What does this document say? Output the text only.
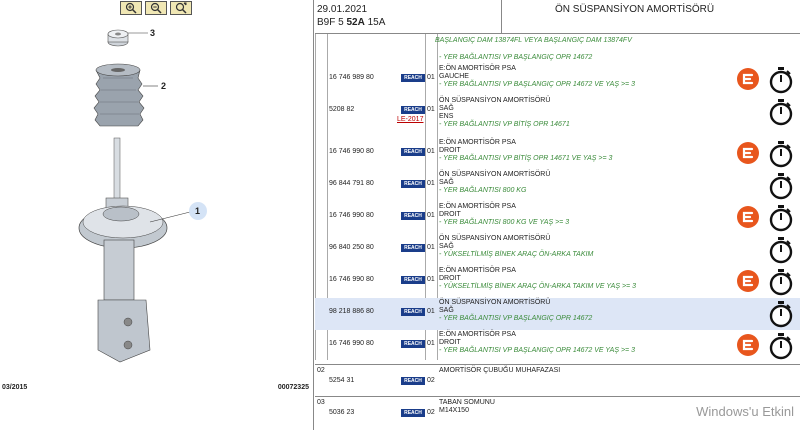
3
2
1
03/2015	00072325
29.01.2021
B9F 5 52A 15A
ÖN SÜSPANSİYON AMORTİSÖRÜ
BAŞLANGIÇ DAM 13874FL VEYA BAŞLANGIÇ DAM 13874FV
- YER BAĞLANTISI VP BAŞLANGIÇ OPR 14672
16 746 989 80	REACH 01
E:ÖN AMORTİSÖR PSA
GAUCHE
- YER BAĞLANTISI VP BAŞLANGIÇ OPR 14672 VE YAŞ >= 3
5208 82	REACH 01
LE-2017
ÖN SÜSPANSİYON AMORTİSÖRÜ
SAĞ
ENS
- YER BAĞLANTISI VP BİTİŞ OPR 14671
16 746 990 80	REACH 01
E:ÖN AMORTİSÖR PSA
DROIT
- YER BAĞLANTISI VP BİTİŞ OPR 14671 VE YAŞ >= 3
96 844 791 80	REACH 01
ÖN SÜSPANSİYON AMORTİSÖRÜ
SAĞ
- YER BAĞLANTISI 800 KG
16 746 990 80	REACH 01
E:ÖN AMORTİSÖR PSA
DROIT
- YER BAĞLANTISI 800 KG VE YAŞ >= 3
96 840 250 80	REACH 01
ÖN SÜSPANSİYON AMORTİSÖRÜ
SAĞ
- YÜKSELTİLMİŞ BİNEK ARAÇ ÖN-ARKA TAKIM
16 746 990 80	REACH 01
E:ÖN AMORTİSÖR PSA
DROIT
- YÜKSELTİLMİŞ BİNEK ARAÇ ÖN-ARKA TAKIM VE YAŞ >= 3
98 218 886 80	REACH 01
ÖN SÜSPANSİYON AMORTİSÖRÜ
SAĞ
- YER BAĞLANTISI VP BAŞLANGIÇ OPR 14672
16 746 990 80	REACH 01
E:ÖN AMORTİSÖR PSA
DROIT
- YER BAĞLANTISI VP BAŞLANGIÇ OPR 14672 VE YAŞ >= 3
02
5254 31	REACH 02
AMORTİSÖR ÇUBUĞU MUHAFAZASI
03
5036 23	REACH 02
TABAN SOMUNU
M14X150	Windows'u Etkinl
